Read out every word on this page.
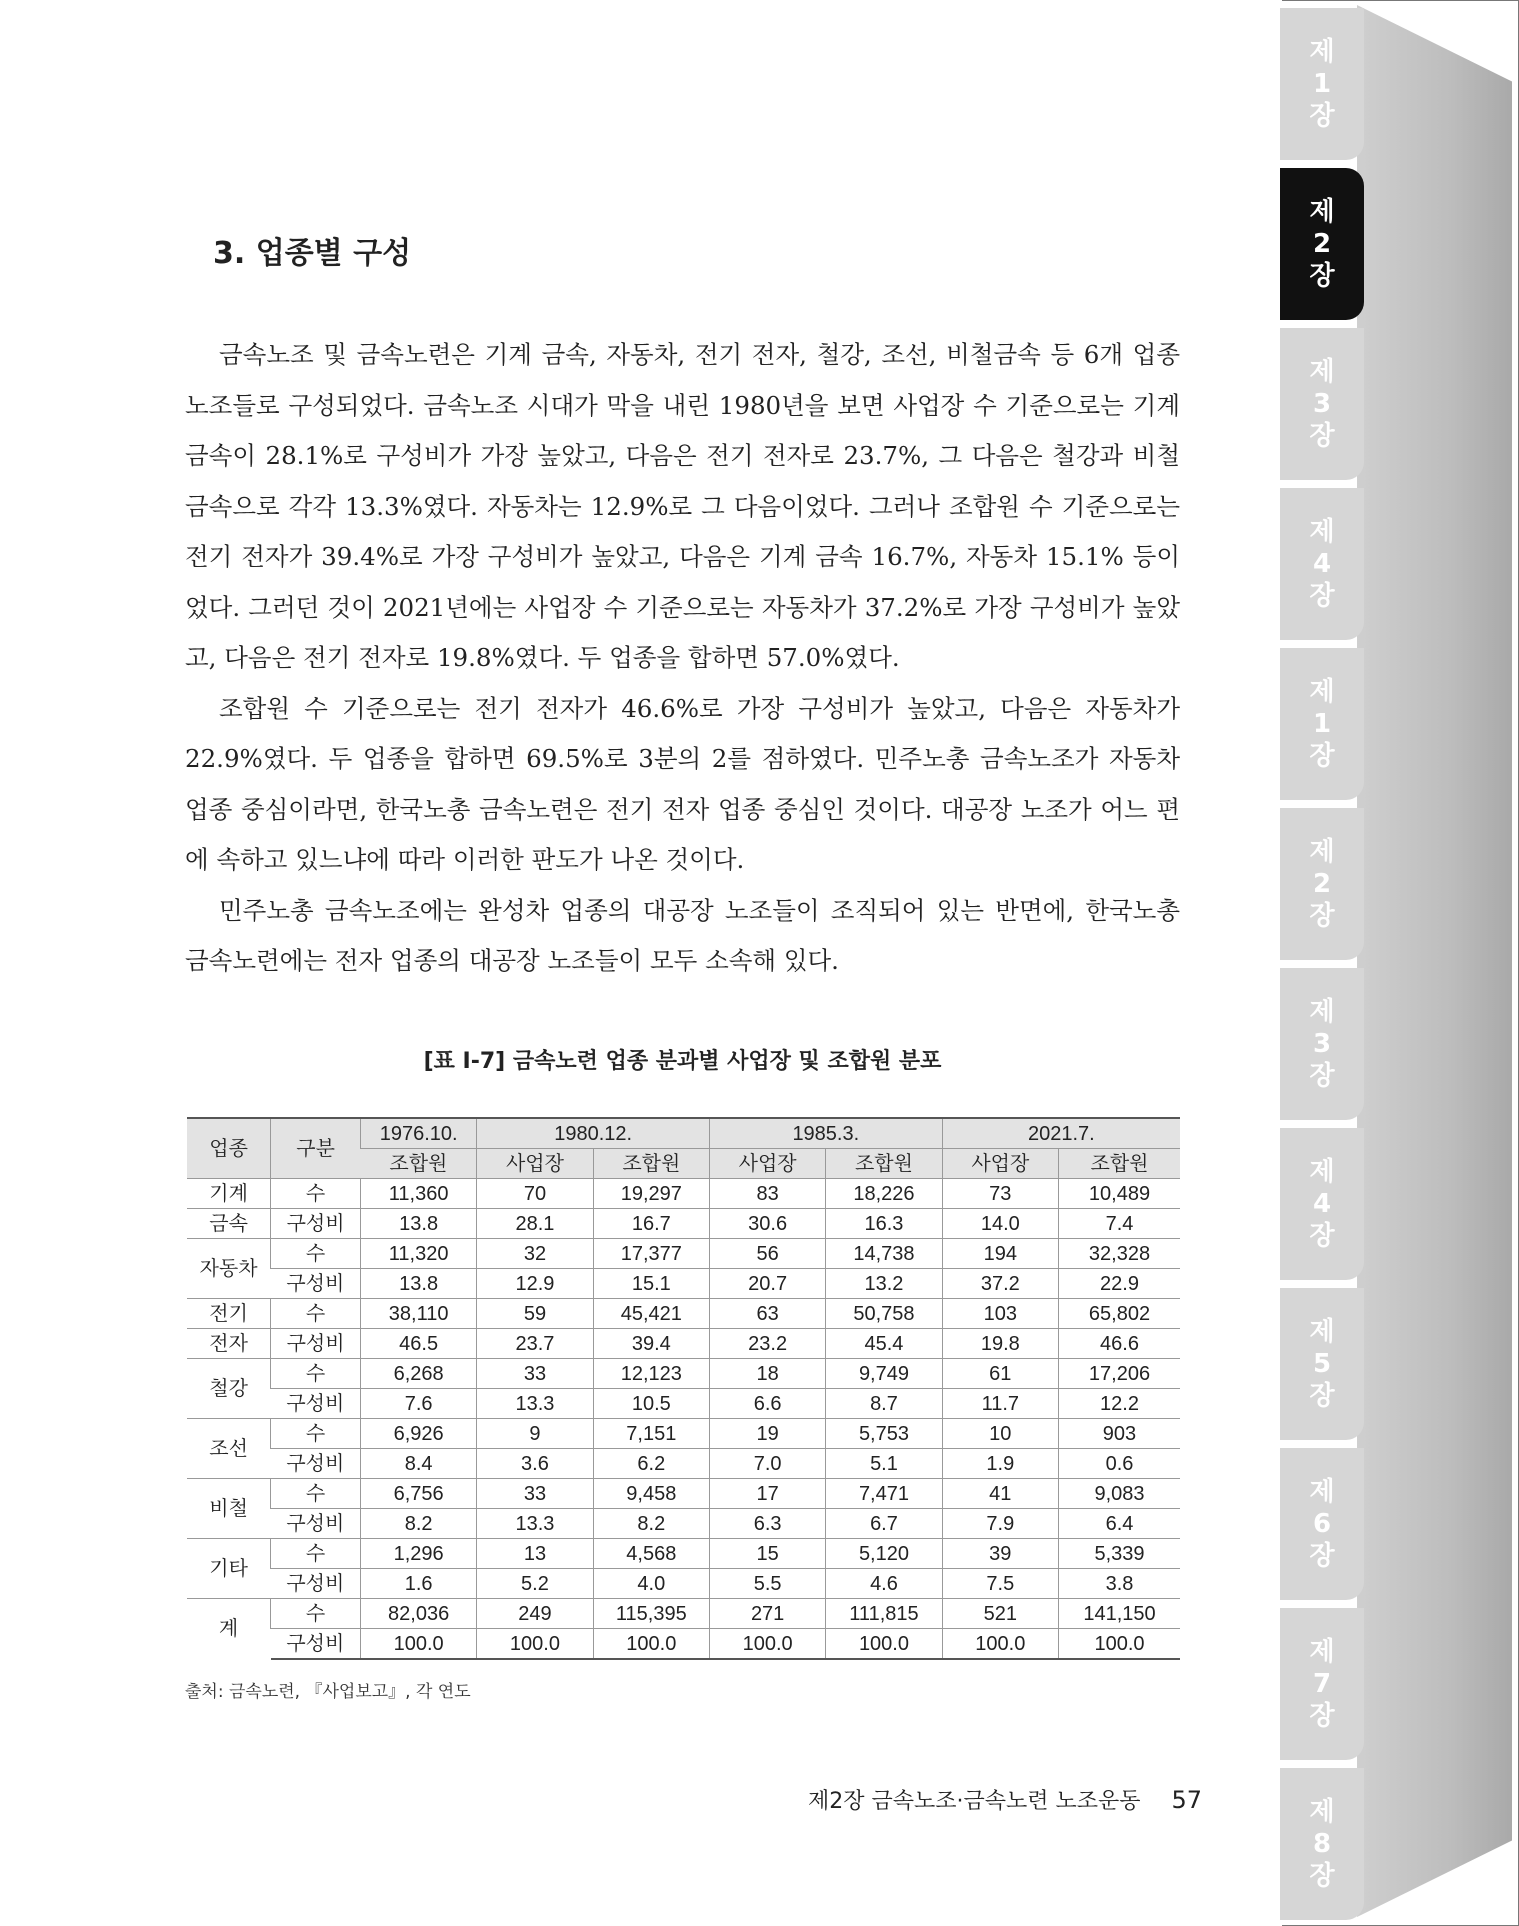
3. 업종별 구성

금속노조 및 금속노련은 기계 금속, 자동차, 전기 전자, 철강, 조선, 비철금속 등 6개 업종 노조들로 구성되었다. 금속노조 시대가 막을 내린 1980년을 보면 사업장 수 기준으로는 기계 금속이 28.1%로 구성비가 가장 높았고, 다음은 전기 전자로 23.7%, 그 다음은 철강과 비철금속으로 각각 13.3%였다. 자동차는 12.9%로 그 다음이었다. 그러나 조합원 수 기준으로는 전기 전자가 39.4%로 가장 구성비가 높았고, 다음은 기계 금속 16.7%, 자동차 15.1% 등이었다. 그러던 것이 2021년에는 사업장 수 기준으로는 자동차가 37.2%로 가장 구성비가 높았고, 다음은 전기 전자로 19.8%였다. 두 업종을 합하면 57.0%였다.

조합원 수 기준으로는 전기 전자가 46.6%로 가장 구성비가 높았고, 다음은 자동차가 22.9%였다. 두 업종을 합하면 69.5%로 3분의 2를 점하였다. 민주노총 금속노조가 자동차 업종 중심이라면, 한국노총 금속노련은 전기 전자 업종 중심인 것이다. 대공장 노조가 어느 편에 속하고 있느냐에 따라 이러한 판도가 나온 것이다.

민주노총 금속노조에는 완성차 업종의 대공장 노조들이 조직되어 있는 반면에, 한국노총 금속노련에는 전자 업종의 대공장 노조들이 모두 소속해 있다.

[표 Ⅰ-7] 금속노련 업종 분과별 사업장 및 조합원 분포
업종	구분	1976.10.	1980.12.		1985.3.		2021.7.	
		조합원	사업장	조합원	사업장	조합원	사업장	조합원
기계	수	11,360	70	19,297	83	18,226	73	10,489
금속	구성비	13.8	28.1	16.7	30.6	16.3	14.0	7.4
자동차	수	11,320	32	17,377	56	14,738	194	32,328
	구성비	13.8	12.9	15.1	20.7	13.2	37.2	22.9
전기	수	38,110	59	45,421	63	50,758	103	65,802
전자	구성비	46.5	23.7	39.4	23.2	45.4	19.8	46.6
철강	수	6,268	33	12,123	18	9,749	61	17,206
	구성비	7.6	13.3	10.5	6.6	8.7	11.7	12.2
조선	수	6,926	9	7,151	19	5,753	10	903
	구성비	8.4	3.6	6.2	7.0	5.1	1.9	0.6
비철	수	6,756	33	9,458	17	7,471	41	9,083
	구성비	8.2	13.3	8.2	6.3	6.7	7.9	6.4
기타	수	1,296	13	4,568	15	5,120	39	5,339
	구성비	1.6	5.2	4.0	5.5	4.6	7.5	3.8
계	수	82,036	249	115,395	271	111,815	521	141,150
	구성비	100.0	100.0	100.0	100.0	100.0	100.0	100.0
출처: 금속노련, 『사업보고』, 각 연도
제2장 금속노조·금속노련 노조운동 57
제1장
제2장
제3장
제4장
제1장
제2장
제3장
제4장
제5장
제6장
제7장
제8장
